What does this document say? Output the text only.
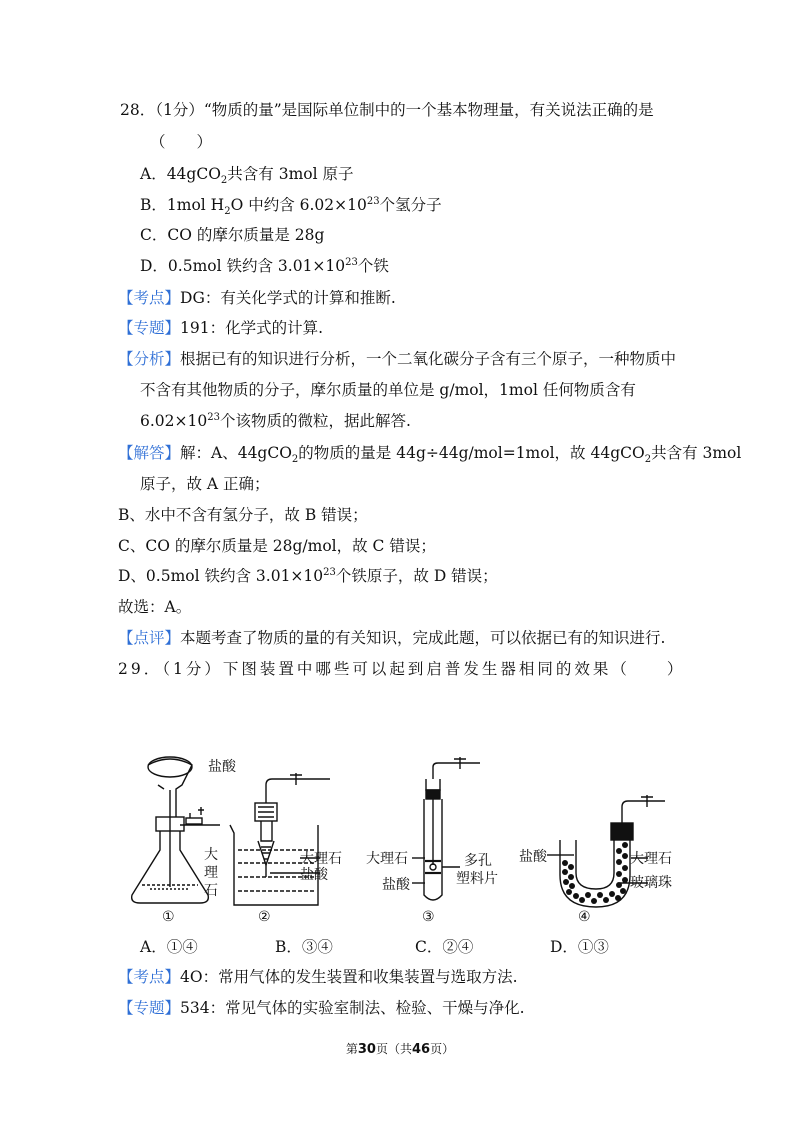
28．（1分）“物质的量”是国际单位制中的一个基本物理量，有关说法正确的是
（　　）
A．44gCO$_2$共含有 3mol 原子
B．1mol $H_2O$ 中约含 $6.02\times 10^{23}$个氢分子
C．CO 的摩尔质量是 28g
D．0.5mol 铁约含 $3.01\times 10^{23}$个铁
【考点】DG：有关化学式的计算和推断.
【专题】191：化学式的计算.
【分析】根据已有的知识进行分析，一个二氧化碳分子含有三个原子，一种物质中
不含有其他物质的分子，摩尔质量的单位是 g/mol，1mol 任何物质含有
$6.02\times 10^{23}$个该物质的微粒，据此解答.
【解答】解：A、44gCO$_2$的物质的量是 44g÷44g/mol=1mol，故 44gCO$_2$共含有 3mol
原子，故 A 正确；
B、水中不含有氢分子，故 B 错误；
C、CO 的摩尔质量是 28g/mol，故 C 错误；
D、0.5mol 铁约含 $3.01\times 10^{23}$个铁原子，故 D 错误；
故选：A。
【点评】本题考查了物质的量的有关知识，完成此题，可以依据已有的知识进行.
29．（1分）下图装置中哪些可以起到启普发生器相同的效果（　　）
盐酸
大
理
石
大理石
盐酸
大理石
盐酸
多孔
塑料片
盐酸	大理石
玻璃珠
①	②	③	④
A．①④	B．③④	C．②④	D．①③
【考点】4O：常用气体的发生装置和收集装置与选取方法.
【专题】534：常见气体的实验室制法、检验、干燥与净化.
第30页（共46页）
